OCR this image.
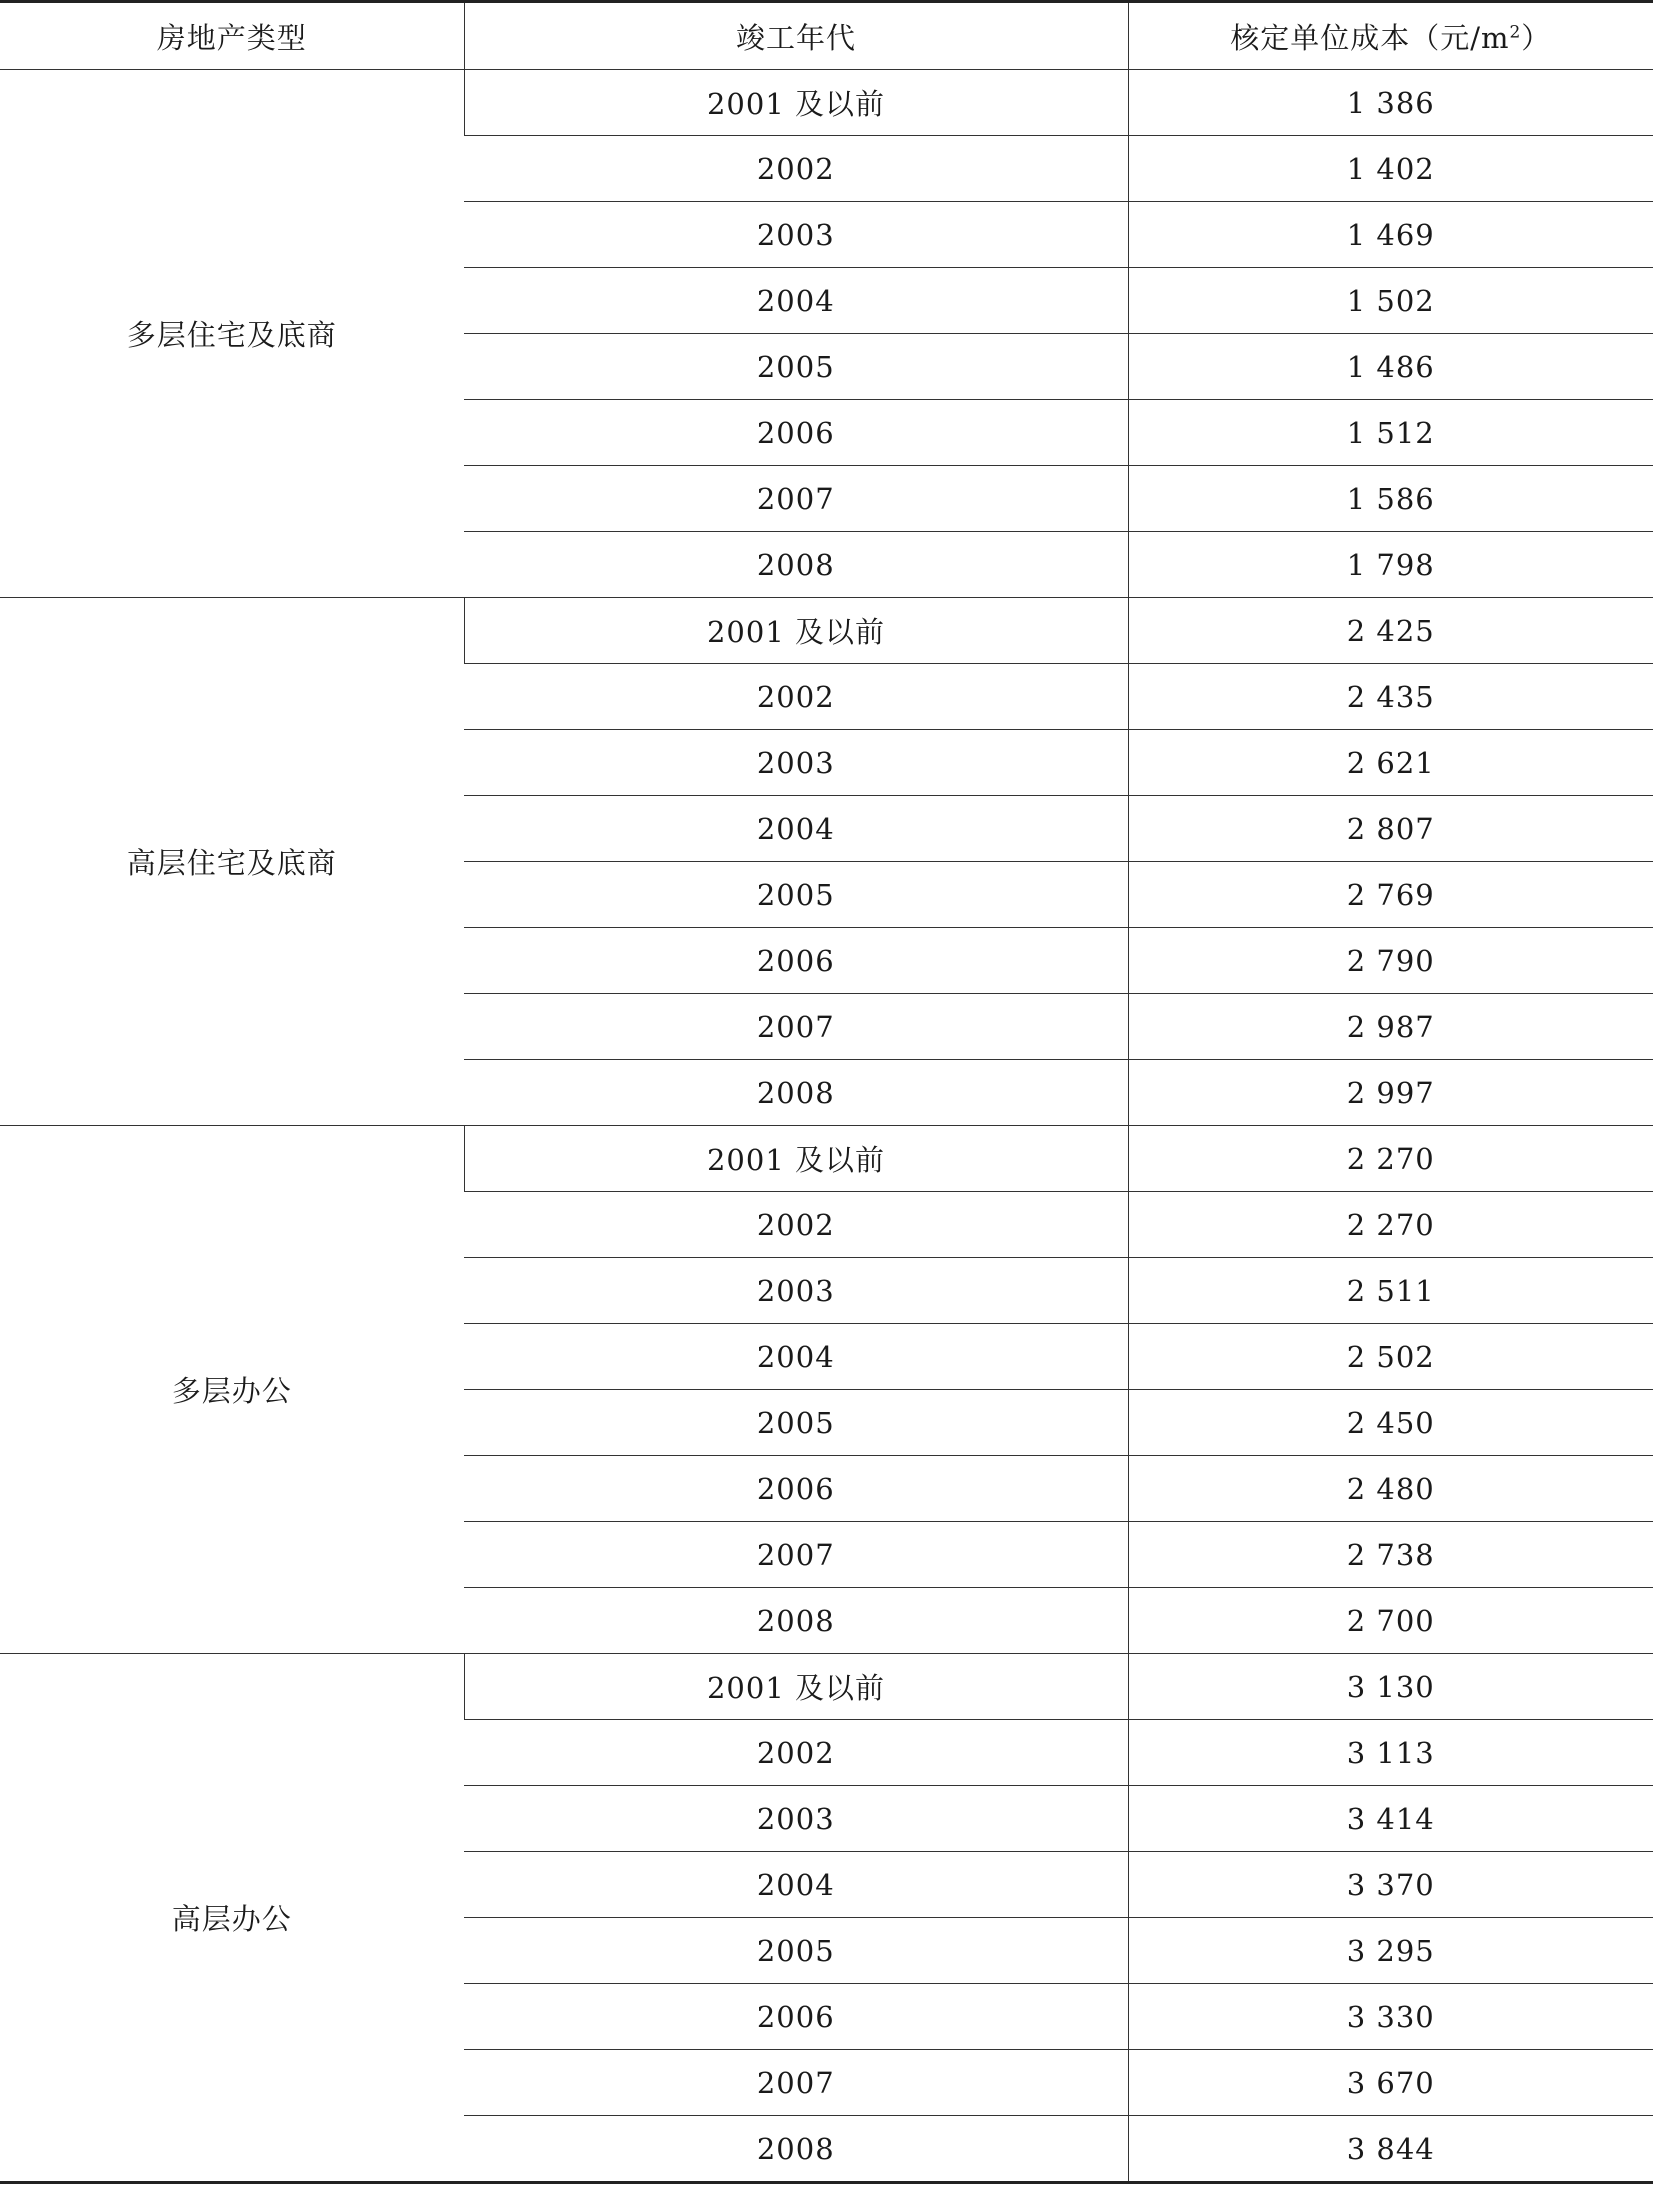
房地产类型	竣工年代	核定单位成本（元$/m^2$）
多层住宅及底商	2001 及以前	1 386
	2002	1 402
	2003	1 469
	2004	1 502
	2005	1 486
	2006	1 512
	2007	1 586
	2008	1 798
高层住宅及底商	2001 及以前	2 425
	2002	2 435
	2003	2 621
	2004	2 807
	2005	2 769
	2006	2 790
	2007	2 987
	2008	2 997
多层办公	2001 及以前	2 270
	2002	2 270
	2003	2 511
	2004	2 502
	2005	2 450
	2006	2 480
	2007	2 738
	2008	2 700
高层办公	2001 及以前	3 130
	2002	3 113
	2003	3 414
	2004	3 370
	2005	3 295
	2006	3 330
	2007	3 670
	2008	3 844
